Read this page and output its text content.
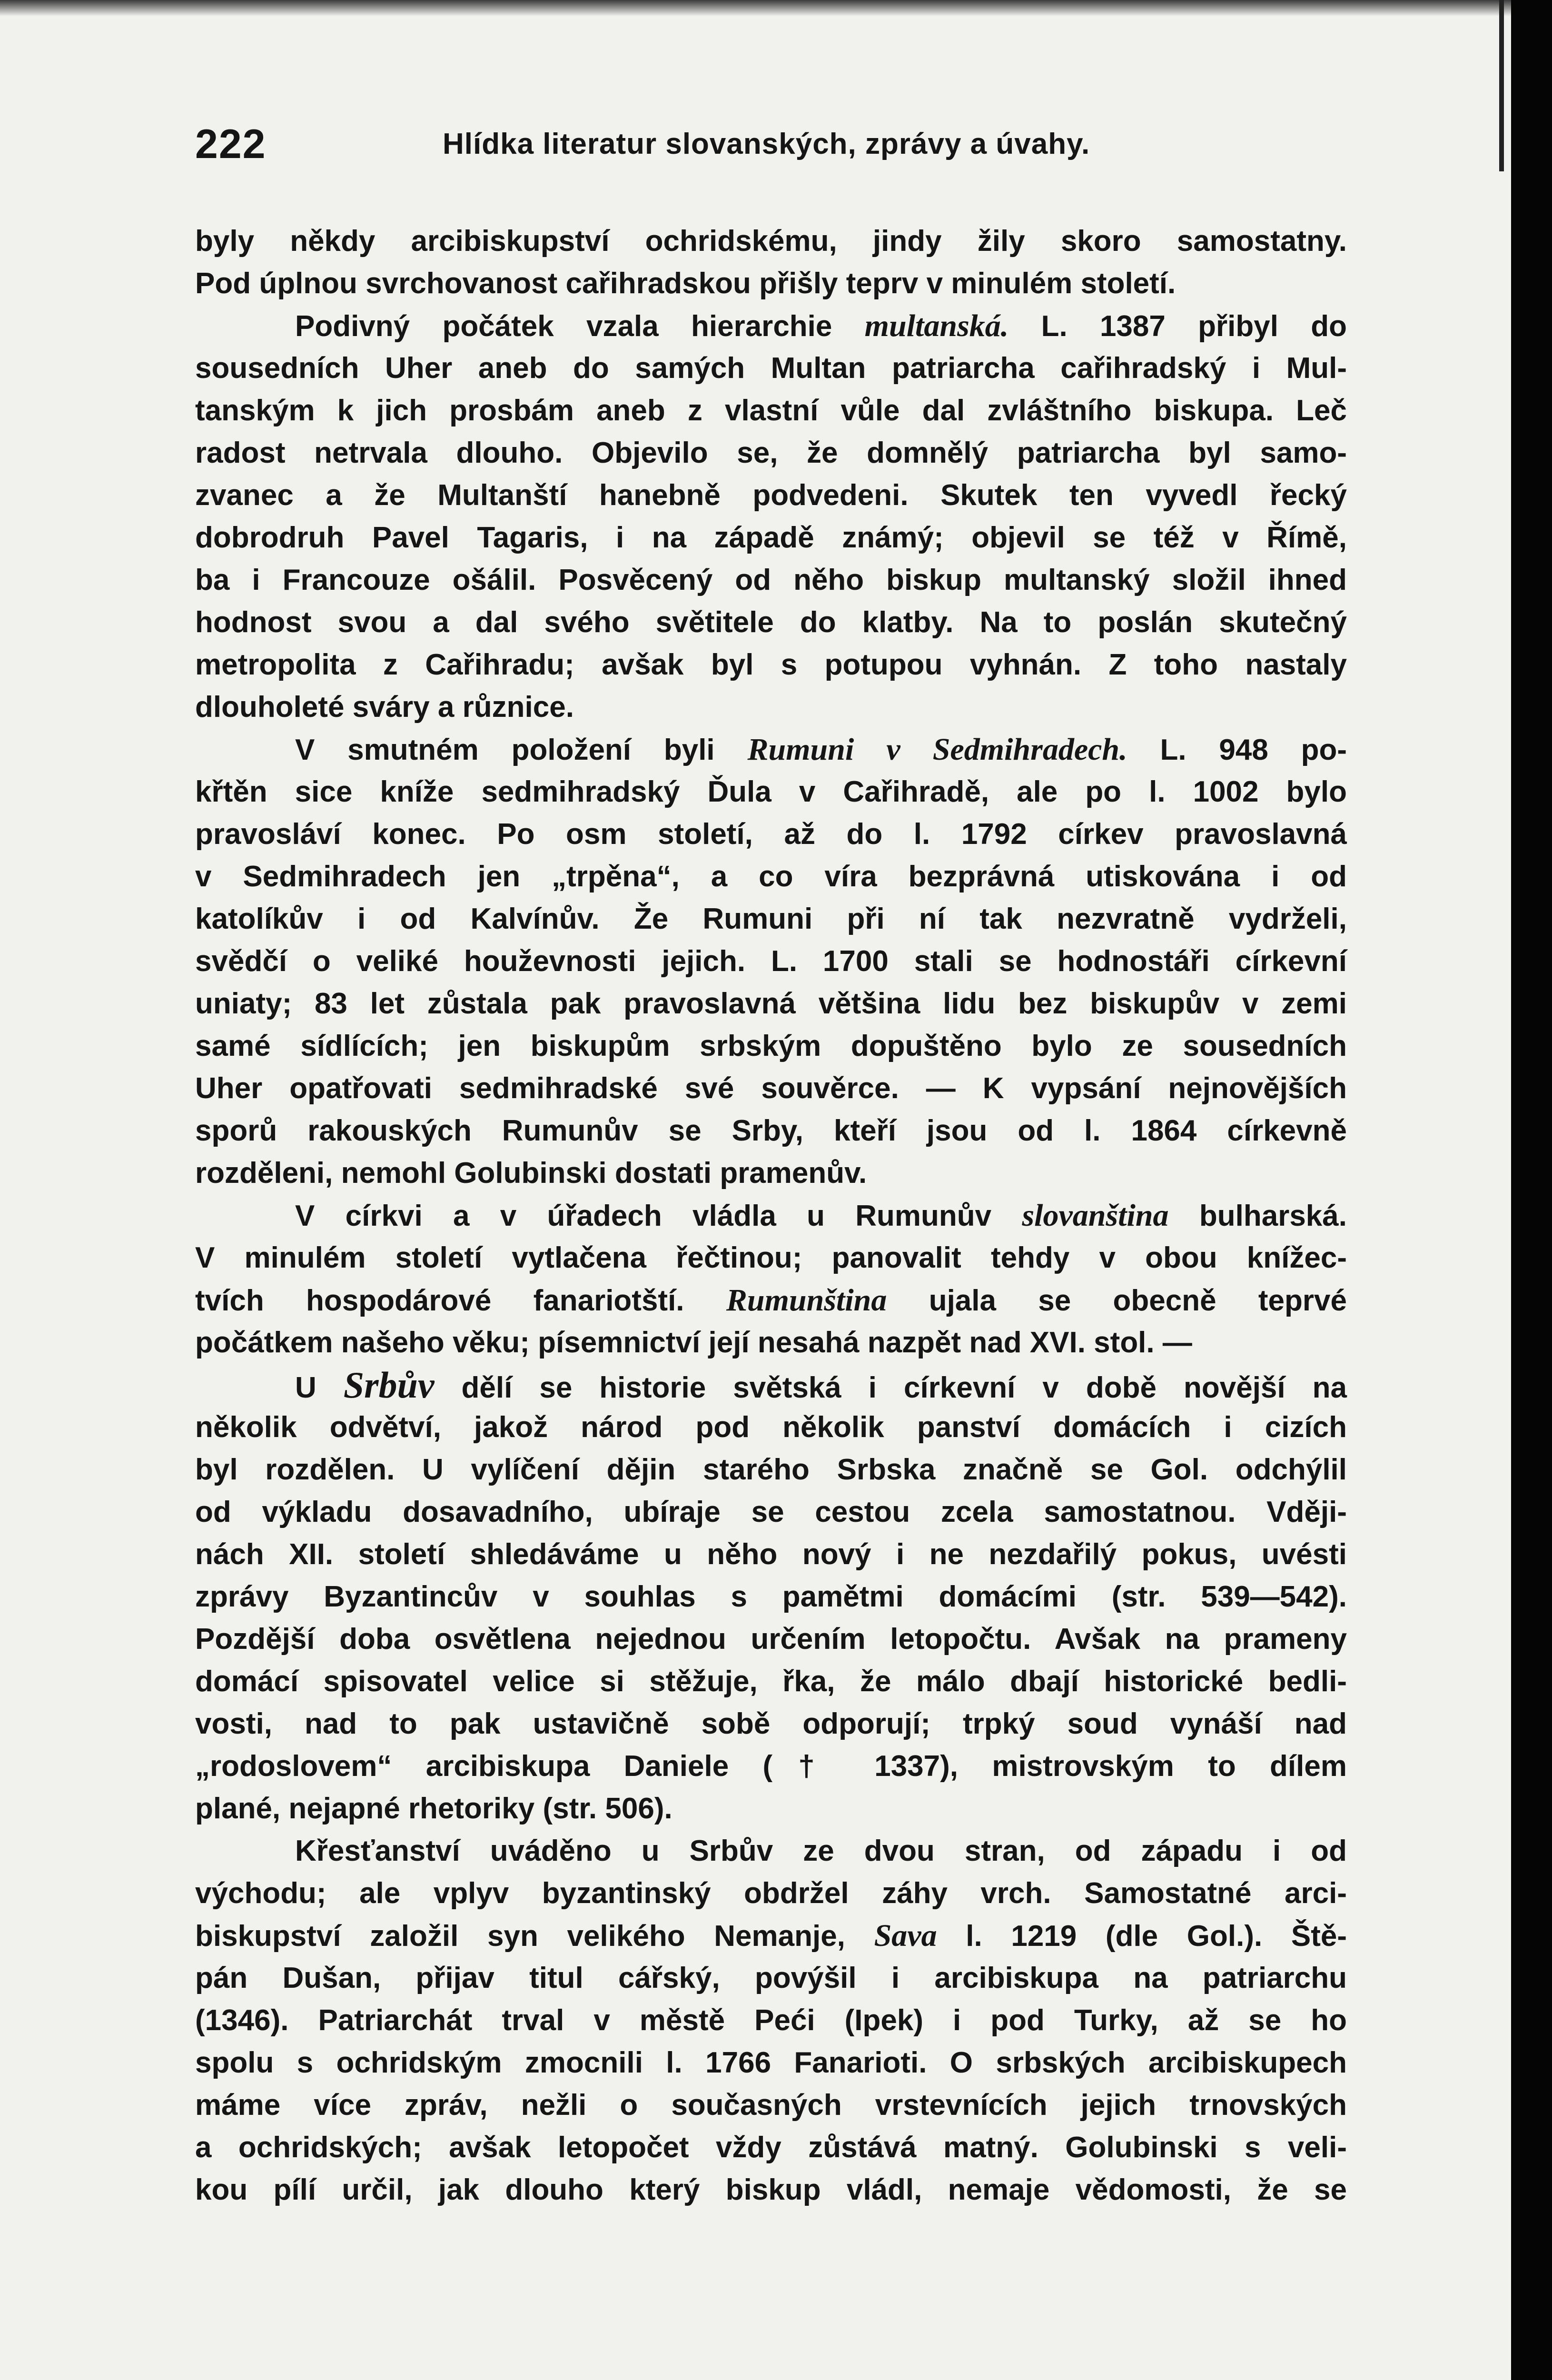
222	Hlídka literatur slovanských, zprávy a úvahy.
byly někdy arcibiskupství ochridskému, jindy žily skoro samostatny.
Pod úplnou svrchovanost cařihradskou přišly teprv v minulém století.
Podivný počátek vzala hierarchie multanská. L. 1387 přibyl do
sousedních Uher aneb do samých Multan patriarcha cařihradský i Mul-
tanským k jich prosbám aneb z vlastní vůle dal zvláštního biskupa. Leč
radost netrvala dlouho. Objevilo se, že domnělý patriarcha byl samo-
zvanec a že Multanští hanebně podvedeni. Skutek ten vyvedl řecký
dobrodruh Pavel Tagaris, i na západě známý; objevil se též v Římě,
ba i Francouze ošálil. Posvěcený od něho biskup multanský složil ihned
hodnost svou a dal svého světitele do klatby. Na to poslán skutečný
metropolita z Cařihradu; avšak byl s potupou vyhnán. Z toho nastaly
dlouholeté sváry a různice.
V smutném položení byli Rumuni v Sedmihradech. L. 948 po-
křtěn sice kníže sedmihradský Ďula v Cařihradě, ale po l. 1002 bylo
pravosláví konec. Po osm století, až do l. 1792 církev pravoslavná
v Sedmihradech jen „trpěna“, a co víra bezprávná utiskována i od
katolíkův i od Kalvínův. Že Rumuni při ní tak nezvratně vydrželi,
svědčí o veliké houževnosti jejich. L. 1700 stali se hodnostáři církevní
uniaty; 83 let zůstala pak pravoslavná většina lidu bez biskupův v zemi
samé sídlících; jen biskupům srbským dopuštěno bylo ze sousedních
Uher opatřovati sedmihradské své souvěrce. — K vypsání nejnovějších
sporů rakouských Rumunův se Srby, kteří jsou od l. 1864 církevně
rozděleni, nemohl Golubinski dostati pramenův.
V církvi a v úřadech vládla u Rumunův slovanština bulharská.
V minulém století vytlačena řečtinou; panovalit tehdy v obou knížec-
tvích hospodárové fanariotští. Rumunština ujala se obecně teprvé
počátkem našeho věku; písemnictví její nesahá nazpět nad XVI. stol. —
U Srbův dělí se historie světská i církevní v době novější na
několik odvětví, jakož národ pod několik panství domácích i cizích
byl rozdělen. U vylíčení dějin starého Srbska značně se Gol. odchýlil
od výkladu dosavadního, ubíraje se cestou zcela samostatnou. Vději-
nách XII. století shledáváme u něho nový i ne nezdařilý pokus, uvésti
zprávy Byzantincův v souhlas s pamětmi domácími (str. 539—542).
Pozdější doba osvětlena nejednou určením letopočtu. Avšak na prameny
domácí spisovatel velice si stěžuje, řka, že málo dbají historické bedli-
vosti, nad to pak ustavičně sobě odporují; trpký soud vynáší nad
„rodoslovem“ arcibiskupa Daniele († 1337), mistrovským to dílem
plané, nejapné rhetoriky (str. 506).
Křesťanství uváděno u Srbův ze dvou stran, od západu i od
východu; ale vplyv byzantinský obdržel záhy vrch. Samostatné arci-
biskupství založil syn velikého Nemanje, Sava l. 1219 (dle Gol.). Ště-
pán Dušan, přijav titul cářský, povýšil i arcibiskupa na patriarchu
(1346). Patriarchát trval v městě Peći (Ipek) i pod Turky, až se ho
spolu s ochridským zmocnili l. 1766 Fanarioti. O srbských arcibiskupech
máme více zpráv, nežli o současných vrstevnících jejich trnovských
a ochridských; avšak letopočet vždy zůstává matný. Golubinski s veli-
kou pílí určil, jak dlouho který biskup vládl, nemaje vědomosti, že se
